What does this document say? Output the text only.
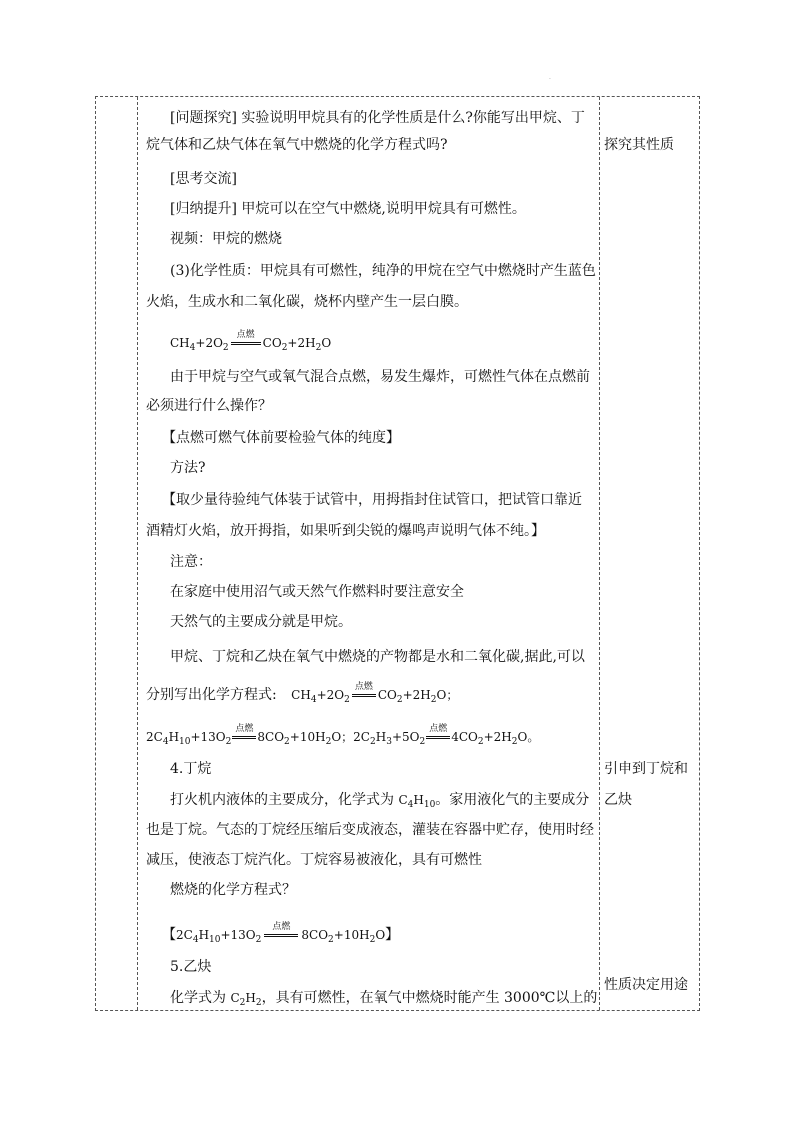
·
[问题探究] 实验说明甲烷具有的化学性质是什么?你能写出甲烷、丁
烷气体和乙炔气体在氧气中燃烧的化学方程式吗?
[思考交流]
[归纳提升] 甲烷可以在空气中燃烧,说明甲烷具有可燃性。
视频：甲烷的燃烧
(3)化学性质：甲烷具有可燃性，纯净的甲烷在空气中燃烧时产生蓝色
火焰，生成水和二氧化碳，烧杯内壁产生一层白膜。
$CH_4+2O_2$
点燃
$CO_2+2H_2O$
由于甲烷与空气或氧气混合点燃，易发生爆炸，可燃性气体在点燃前
必须进行什么操作？
【点燃可燃气体前要检验气体的纯度】
方法?
【取少量待验纯气体装于试管中，用拇指封住试管口，把试管口靠近
酒精灯火焰，放开拇指，如果听到尖锐的爆鸣声说明气体不纯。】
注意：
在家庭中使用沼气或天然气作燃料时要注意安全
天然气的主要成分就是甲烷。
甲烷、丁烷和乙炔在氧气中燃烧的产物都是水和二氧化碳,据此,可以
分别写出化学方程式: $CH_4+2O_2$
点燃
$CO_2+2H_2O$；
$2C_4H_{10}+13O_2$
点燃
$8CO_2+10H_2O$；$2C_2H_3+5O_2$
点燃
$4CO_2+2H_2O$。
4.丁烷
打火机内液体的主要成分，化学式为 $C_4H_{10}$。家用液化气的主要成分
也是丁烷。气态的丁烷经压缩后变成液态，灌装在容器中贮存，使用时经
减压，使液态丁烷汽化。丁烷容易被液化，具有可燃性
燃烧的化学方程式？
【$2C_4H_{10}+13O_2$
点燃
$8CO_2+10H_2O$】
5.乙炔
化学式为 $C_2H_2$，具有可燃性，在氧气中燃烧时能产生 3000℃以上的
探究其性质
引申到丁烷和
乙炔
性质决定用途
